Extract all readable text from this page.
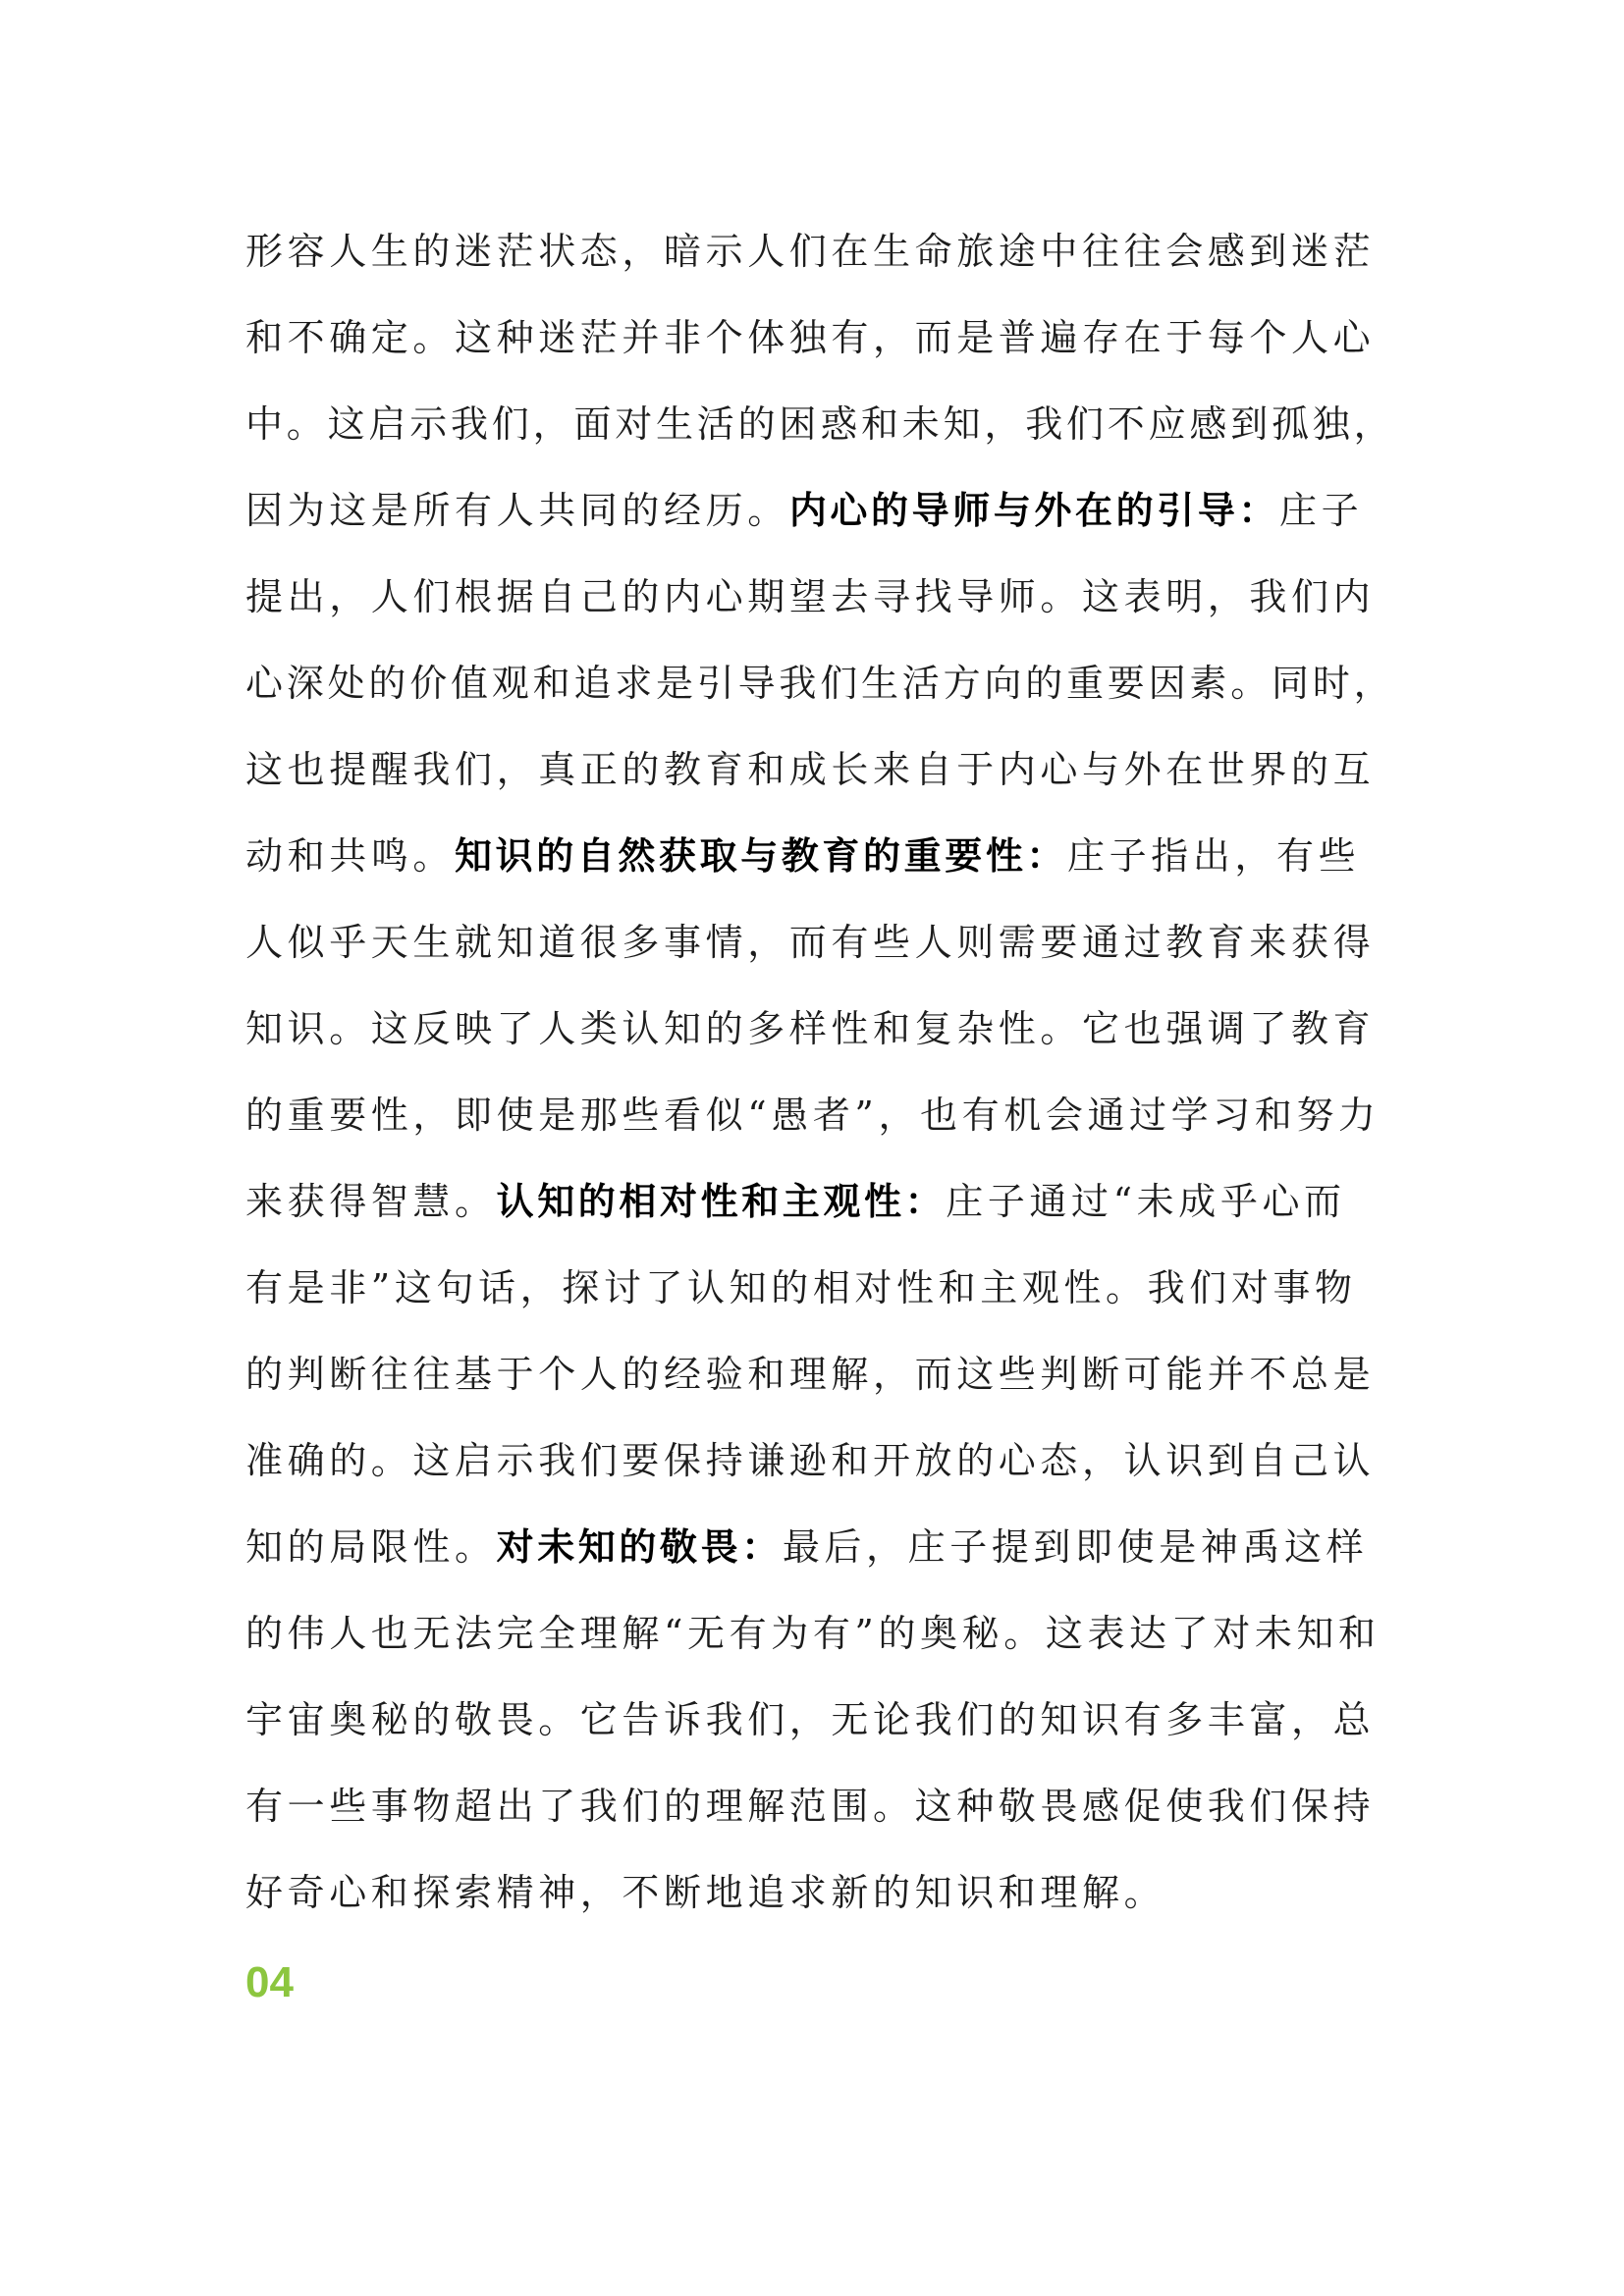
形容人生的迷茫状态，暗示人们在生命旅途中往往会感到迷茫
和不确定。这种迷茫并非个体独有，而是普遍存在于每个人心
中。这启示我们，面对生活的困惑和未知，我们不应感到孤独，
因为这是所有人共同的经历。内心的导师与外在的引导：庄子
提出，人们根据自己的内心期望去寻找导师。这表明，我们内
心深处的价值观和追求是引导我们生活方向的重要因素。同时，
这也提醒我们，真正的教育和成长来自于内心与外在世界的互
动和共鸣。知识的自然获取与教育的重要性：庄子指出，有些
人似乎天生就知道很多事情，而有些人则需要通过教育来获得
知识。这反映了人类认知的多样性和复杂性。它也强调了教育
的重要性，即使是那些看似“愚者”，也有机会通过学习和努力
来获得智慧。认知的相对性和主观性：庄子通过“未成乎心而
有是非”这句话，探讨了认知的相对性和主观性。我们对事物
的判断往往基于个人的经验和理解，而这些判断可能并不总是
准确的。这启示我们要保持谦逊和开放的心态，认识到自己认
知的局限性。对未知的敬畏：最后，庄子提到即使是神禹这样
的伟人也无法完全理解“无有为有”的奥秘。这表达了对未知和
宇宙奥秘的敬畏。它告诉我们，无论我们的知识有多丰富，总
有一些事物超出了我们的理解范围。这种敬畏感促使我们保持
好奇心和探索精神，不断地追求新的知识和理解。
04
